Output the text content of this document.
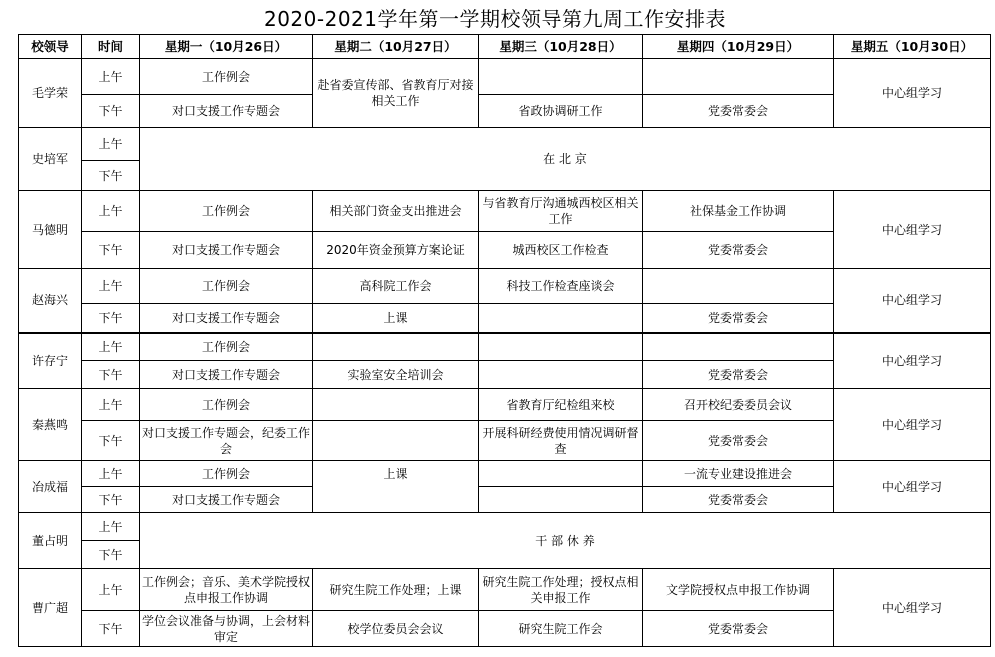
2020-2021学年第一学期校领导第九周工作安排表
校领导	时间	星期一（10月26日）	星期二（10月27日）	星期三（10月28日）	星期四（10月29日）	星期五（10月30日）
毛学荣	上午	工作例会	赴省委宣传部、省教育厅对接相关工作			中心组学习
	下午	对口支援工作专题会		省政协调研工作	党委常委会	
史培军	上午	在 北 京				
	下午					
马德明	上午	工作例会	相关部门资金支出推进会	与省教育厅沟通城西校区相关工作	社保基金工作协调	中心组学习
	下午	对口支援工作专题会	2020年资金预算方案论证	城西校区工作检查	党委常委会	
赵海兴	上午	工作例会	高科院工作会	科技工作检查座谈会		中心组学习
	下午	对口支援工作专题会	上课		党委常委会	
许存宁	上午	工作例会				中心组学习
	下午	对口支援工作专题会	实验室安全培训会		党委常委会	
秦燕鸣	上午	工作例会		省教育厅纪检组来校	召开校纪委委员会议	中心组学习
	下午	对口支援工作专题会，纪委工作会		开展科研经费使用情况调研督查	党委常委会	
冶成福	上午	工作例会	上课		一流专业建设推进会	中心组学习
	下午	对口支援工作专题会			党委常委会	
董占明	上午	干 部 休 养				
	下午					
曹广超	上午	工作例会；音乐、美术学院授权点申报工作协调	研究生院工作处理；上课	研究生院工作处理；授权点相关申报工作	文学院授权点申报工作协调	中心组学习
	下午	学位会议准备与协调，上会材料审定	校学位委员会会议	研究生院工作会	党委常委会	
